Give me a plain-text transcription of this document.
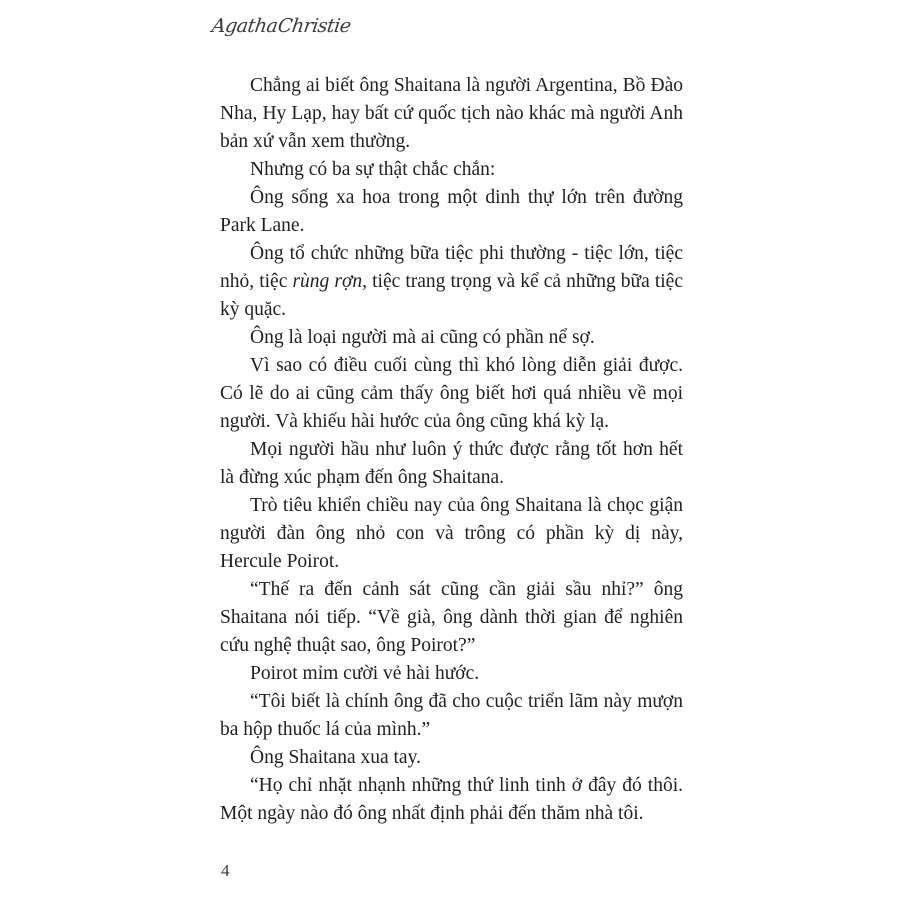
Agatha Christie

Chẳng ai biết ông Shaitana là người Argentina, Bồ Đào Nha, Hy Lạp, hay bất cứ quốc tịch nào khác mà người Anh bản xứ vẫn xem thường.

Nhưng có ba sự thật chắc chắn:

Ông sống xa hoa trong một dinh thự lớn trên đường Park Lane.

Ông tổ chức những bữa tiệc phi thường - tiệc lớn, tiệc nhỏ, tiệc rùng rợn, tiệc trang trọng và kể cả những bữa tiệc kỳ quặc.

Ông là loại người mà ai cũng có phần nể sợ.

Vì sao có điều cuối cùng thì khó lòng diễn giải được. Có lẽ do ai cũng cảm thấy ông biết hơi quá nhiều về mọi người. Và khiếu hài hước của ông cũng khá kỳ lạ.

Mọi người hầu như luôn ý thức được rằng tốt hơn hết là đừng xúc phạm đến ông Shaitana.

Trò tiêu khiển chiều nay của ông Shaitana là chọc giận người đàn ông nhỏ con và trông có phần kỳ dị này, Hercule Poirot.

“Thế ra đến cảnh sát cũng cần giải sầu nhỉ?” ông Shaitana nói tiếp. “Về già, ông dành thời gian để nghiên cứu nghệ thuật sao, ông Poirot?”

Poirot mỉm cười vẻ hài hước.

“Tôi biết là chính ông đã cho cuộc triển lãm này mượn ba hộp thuốc lá của mình.”

Ông Shaitana xua tay.

“Họ chỉ nhặt nhạnh những thứ linh tinh ở đây đó thôi. Một ngày nào đó ông nhất định phải đến thăm nhà tôi.

4
